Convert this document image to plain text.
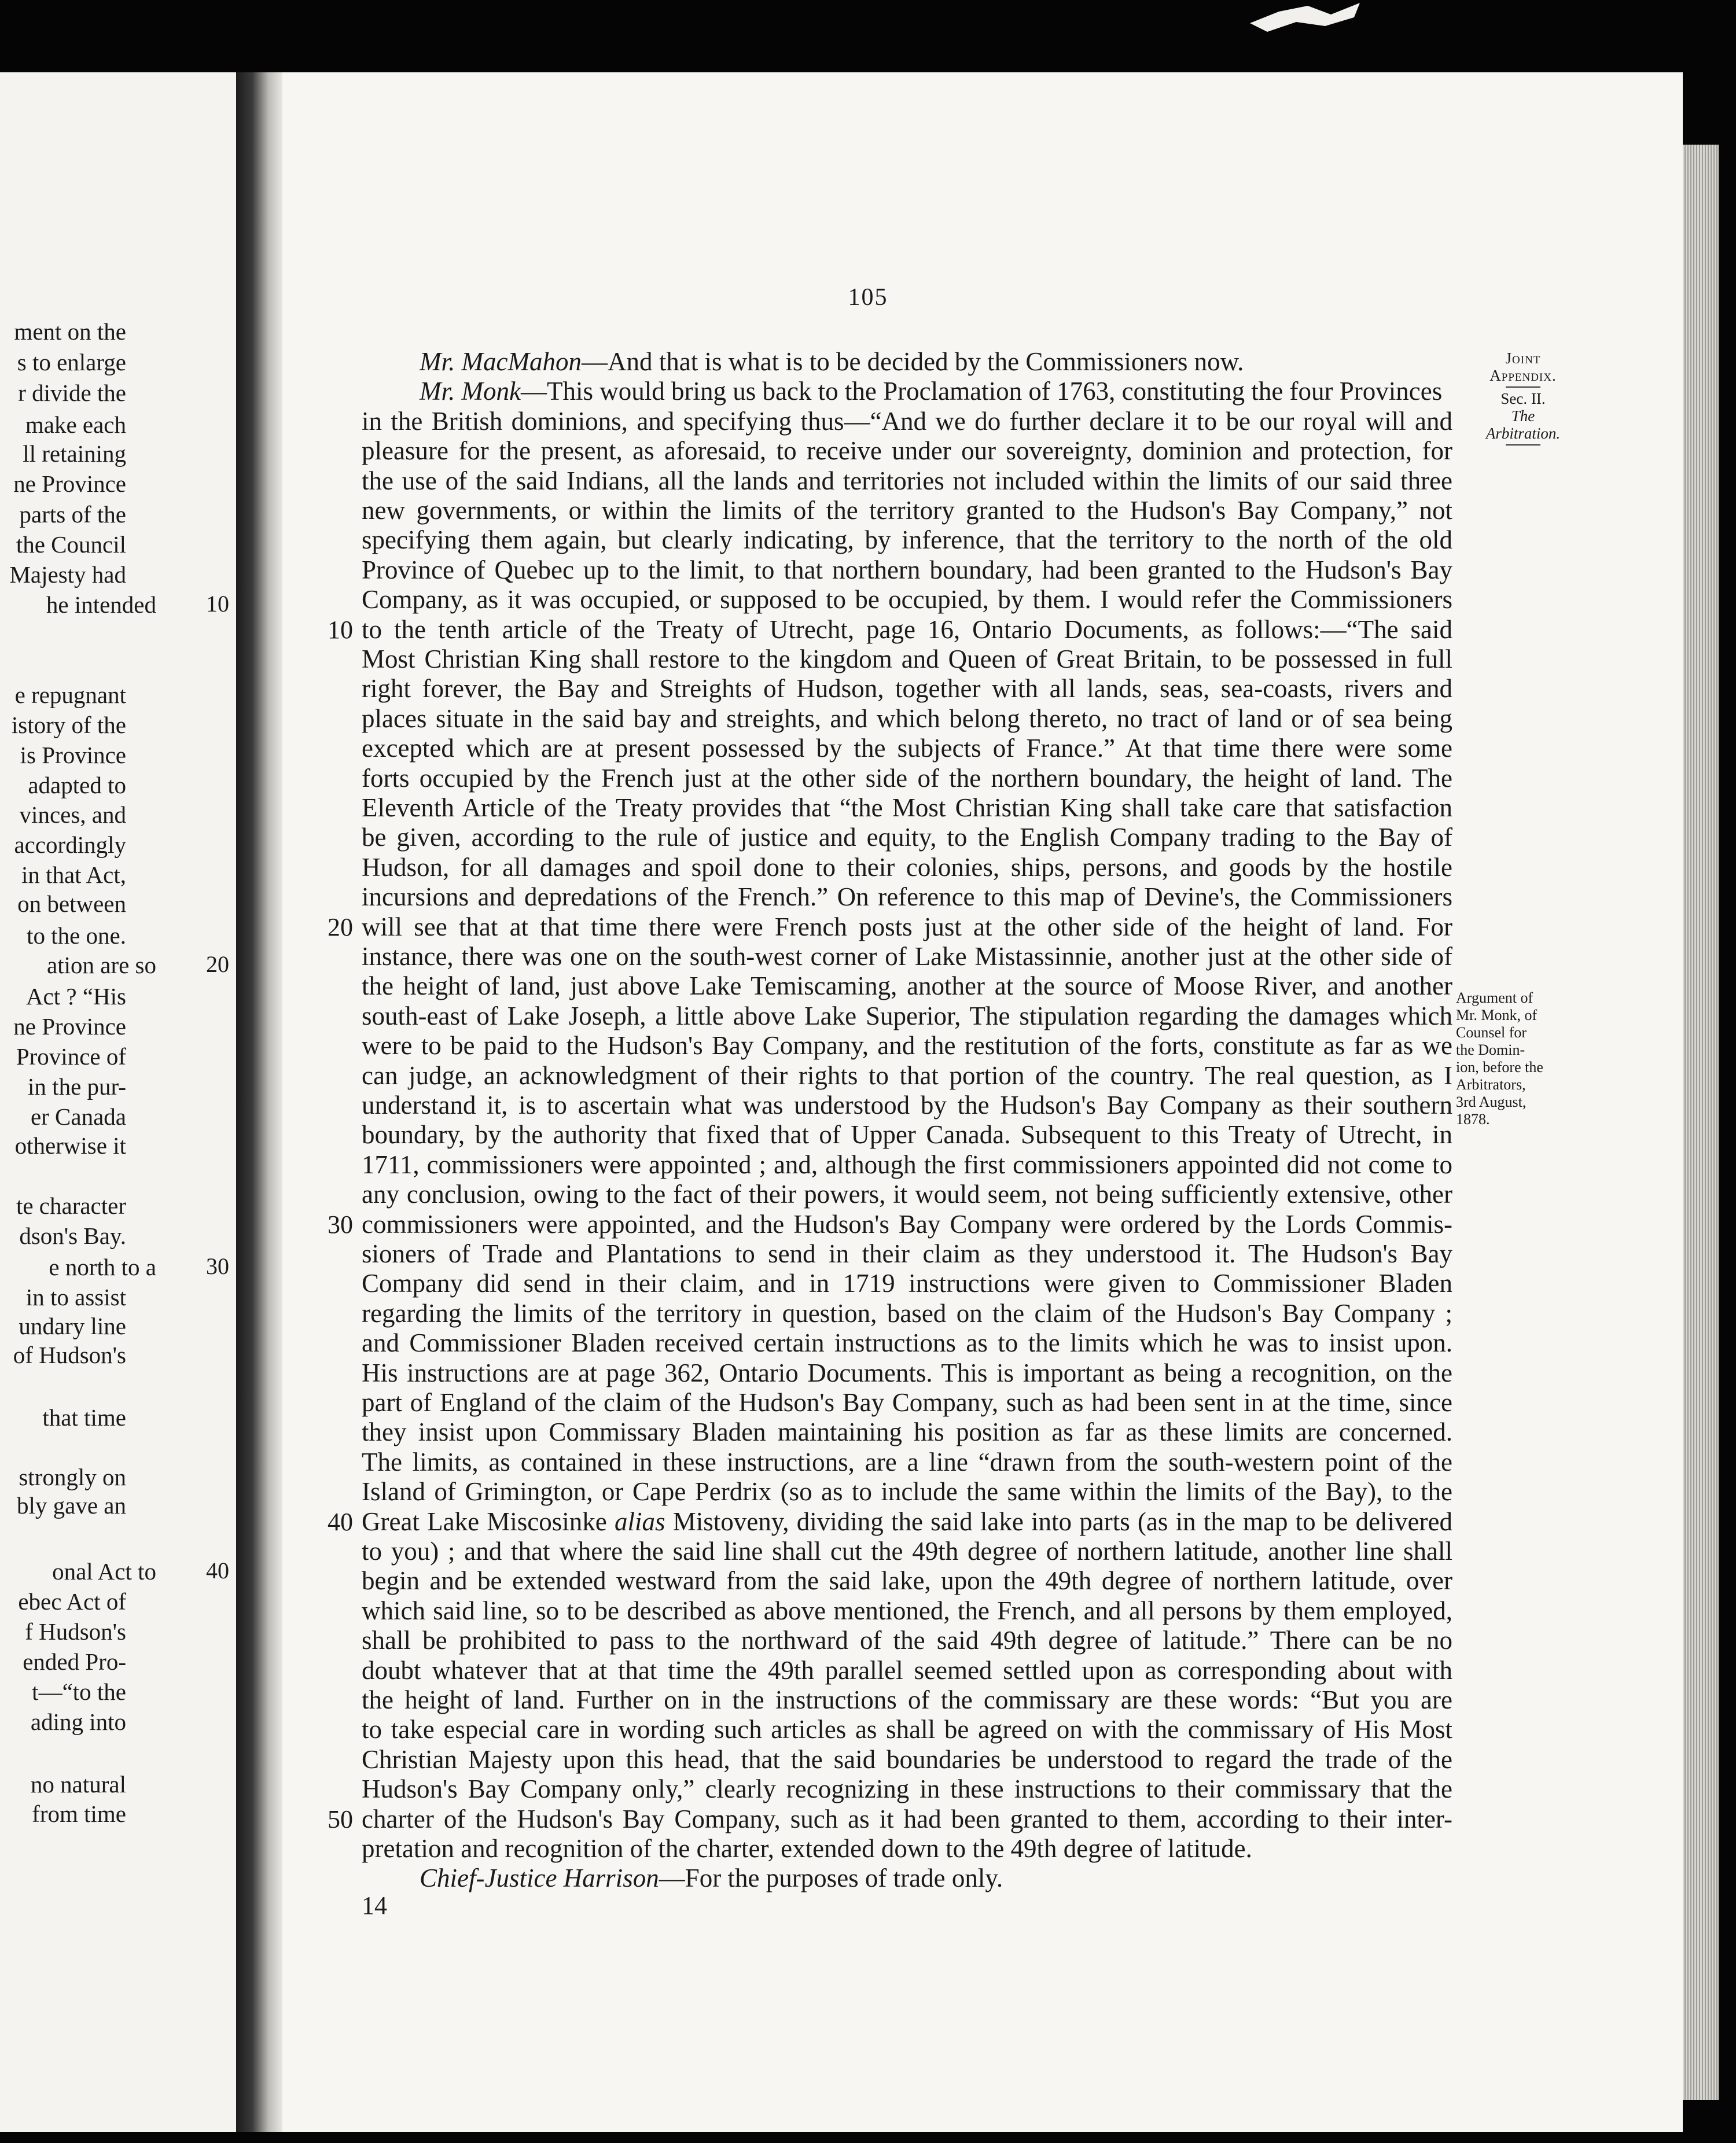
ment on the
s to enlarge
r divide the
make each
ll retaining
ne Province
parts of the
the Council
Majesty had
he intended
e repugnant
istory of the
is Province
adapted to
vinces, and
accordingly
in that Act,
on between
to the one.
ation are so
Act ? “His
ne Province
Province of
in the pur-
er Canada
otherwise it
te character
dson's Bay.
e north to a
in to assist
undary line
of Hudson's
that time
strongly on
bly gave an
onal Act to
ebec Act of
f Hudson's
ended Pro-
t—“to the
ading into
no natural
from time
10
20
30
40
105
Joint
Appendix.
Sec. II.
The
Arbitration.
Argument of
Mr. Monk, of
Counsel for
the Domin-
ion, before the
Arbitrators,
3rd August,
1878.
Mr. MacMahon—And that is what is to be decided by the Commissioners now.
Mr. Monk—This would bring us back to the Proclamation of 1763, constituting the four Provinces
in the British dominions, and specifying thus—“And we do further declare it to be our royal will and
pleasure for the present, as aforesaid, to receive under our sovereignty, dominion and protection, for
the use of the said Indians, all the lands and territories not included within the limits of our said three
new governments, or within the limits of the territory granted to the Hudson's Bay Company,” not
specifying them again, but clearly indicating, by inference, that the territory to the north of the old
Province of Quebec up to the limit, to that northern boundary, had been granted to the Hudson's Bay
Company, as it was occupied, or supposed to be occupied, by them. I would refer the Commissioners
to the tenth article of the Treaty of Utrecht, page 16, Ontario Documents, as follows:—“The said
Most Christian King shall restore to the kingdom and Queen of Great Britain, to be possessed in full
right forever, the Bay and Streights of Hudson, together with all lands, seas, sea-coasts, rivers and
places situate in the said bay and streights, and which belong thereto, no tract of land or of sea being
excepted which are at present possessed by the subjects of France.” At that time there were some
forts occupied by the French just at the other side of the northern boundary, the height of land. The
Eleventh Article of the Treaty provides that “the Most Christian King shall take care that satisfaction
be given, according to the rule of justice and equity, to the English Company trading to the Bay of
Hudson, for all damages and spoil done to their colonies, ships, persons, and goods by the hostile
incursions and depredations of the French.” On reference to this map of Devine's, the Commissioners
will see that at that time there were French posts just at the other side of the height of land. For
instance, there was one on the south-west corner of Lake Mistassinnie, another just at the other side of
the height of land, just above Lake Temiscaming, another at the source of Moose River, and another
south-east of Lake Joseph, a little above Lake Superior, The stipulation regarding the damages which
were to be paid to the Hudson's Bay Company, and the restitution of the forts, constitute as far as we
can judge, an acknowledgment of their rights to that portion of the country. The real question, as I
understand it, is to ascertain what was understood by the Hudson's Bay Company as their southern
boundary, by the authority that fixed that of Upper Canada. Subsequent to this Treaty of Utrecht, in
1711, commissioners were appointed ; and, although the first commissioners appointed did not come to
any conclusion, owing to the fact of their powers, it would seem, not being sufficiently extensive, other
commissioners were appointed, and the Hudson's Bay Company were ordered by the Lords Commis-
sioners of Trade and Plantations to send in their claim as they understood it. The Hudson's Bay
Company did send in their claim, and in 1719 instructions were given to Commissioner Bladen
regarding the limits of the territory in question, based on the claim of the Hudson's Bay Company ;
and Commissioner Bladen received certain instructions as to the limits which he was to insist upon.
His instructions are at page 362, Ontario Documents. This is important as being a recognition, on the
part of England of the claim of the Hudson's Bay Company, such as had been sent in at the time, since
they insist upon Commissary Bladen maintaining his position as far as these limits are concerned.
The limits, as contained in these instructions, are a line “drawn from the south-western point of the
Island of Grimington, or Cape Perdrix (so as to include the same within the limits of the Bay), to the
Great Lake Miscosinke alias Mistoveny, dividing the said lake into parts (as in the map to be delivered
to you) ; and that where the said line shall cut the 49th degree of northern latitude, another line shall
begin and be extended westward from the said lake, upon the 49th degree of northern latitude, over
which said line, so to be described as above mentioned, the French, and all persons by them employed,
shall be prohibited to pass to the northward of the said 49th degree of latitude.” There can be no
doubt whatever that at that time the 49th parallel seemed settled upon as corresponding about with
the height of land. Further on in the instructions of the commissary are these words: “But you are
to take especial care in wording such articles as shall be agreed on with the commissary of His Most
Christian Majesty upon this head, that the said boundaries be understood to regard the trade of the
Hudson's Bay Company only,” clearly recognizing in these instructions to their commissary that the
charter of the Hudson's Bay Company, such as it had been granted to them, according to their inter-
pretation and recognition of the charter, extended down to the 49th degree of latitude.
Chief-Justice Harrison—For the purposes of trade only.
10
20
30
40
50
14
